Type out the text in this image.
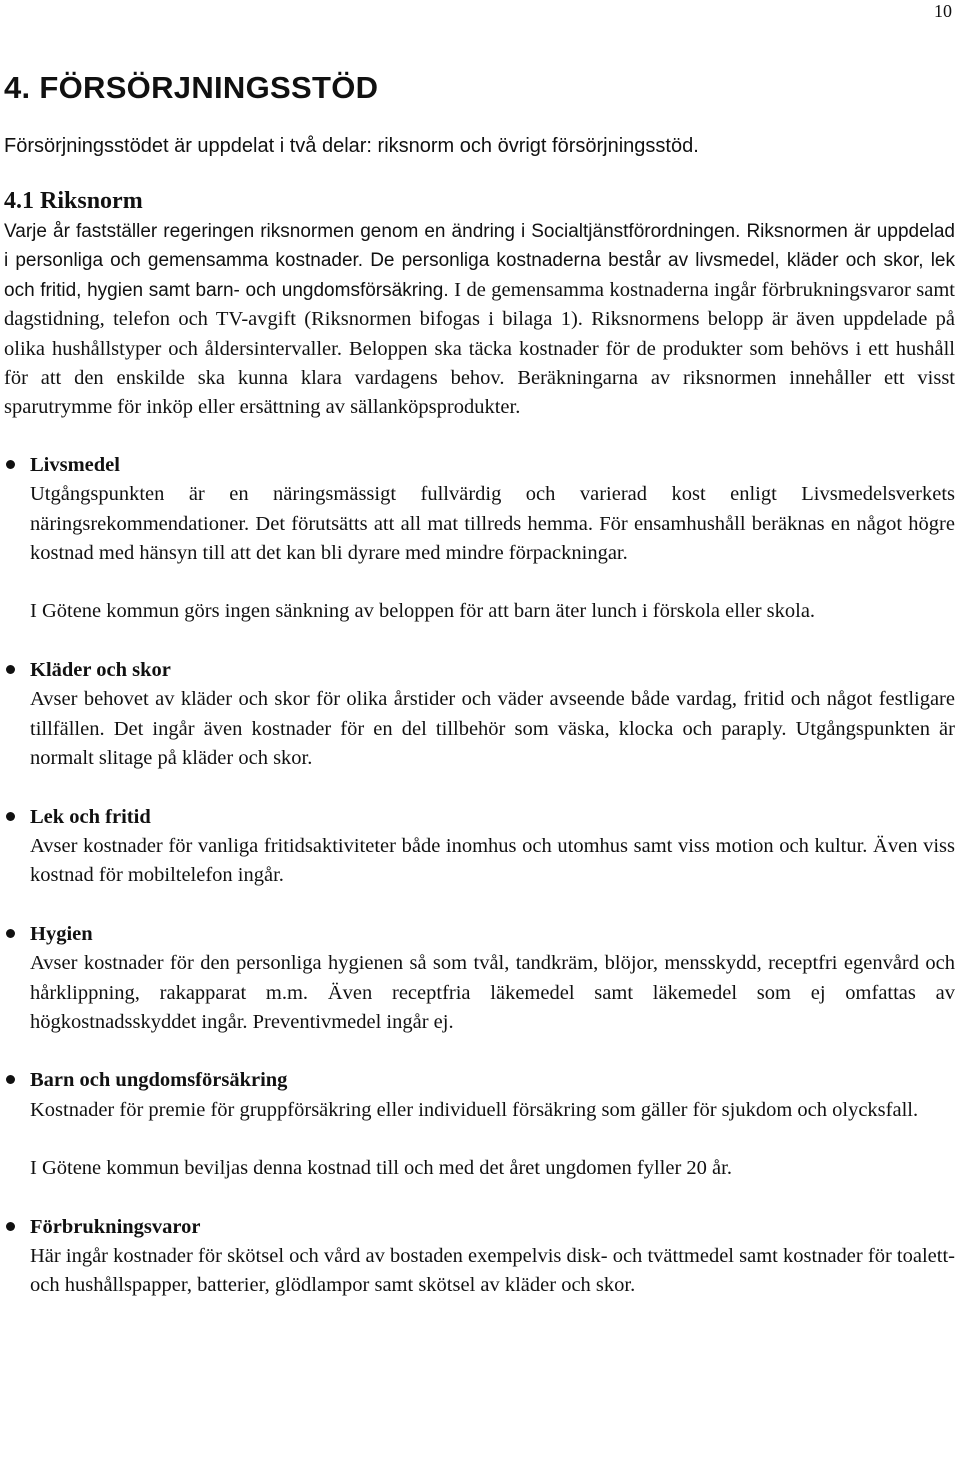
10
4. FÖRSÖRJNINGSSTÖD

Försörjningsstödet är uppdelat i två delar: riksnorm och övrigt försörjningsstöd.

4.1 Riksnorm

Varje år fastställer regeringen riksnormen genom en ändring i Socialtjänstförordningen. Riksnormen är uppdelad i personliga och gemensamma kostnader. De personliga kostnaderna består av livsmedel, kläder och skor, lek och fritid, hygien samt barn- och ungdomsförsäkring. I de gemensamma kostnaderna ingår förbrukningsvaror samt dagstidning, telefon och TV-avgift (Riksnormen bifogas i bilaga 1). Riksnormens belopp är även uppdelade på olika hushållstyper och åldersintervaller. Beloppen ska täcka kostnader för de produkter som behövs i ett hushåll för att den enskilde ska kunna klara vardagens behov. Beräkningarna av riksnormen innehåller ett visst sparutrymme för inköp eller ersättning av sällanköpsprodukter.

Livsmedel

Utgångspunkten är en näringsmässigt fullvärdig och varierad kost enligt Livsmedelsverkets näringsrekommendationer. Det förutsätts att all mat tillreds hemma. För ensamhushåll beräknas en något högre kostnad med hänsyn till att det kan bli dyrare med mindre förpackningar.

I Götene kommun görs ingen sänkning av beloppen för att barn äter lunch i förskola eller skola.

Kläder och skor

Avser behovet av kläder och skor för olika årstider och väder avseende både vardag, fritid och något festligare tillfällen. Det ingår även kostnader för en del tillbehör som väska, klocka och paraply. Utgångspunkten är normalt slitage på kläder och skor.

Lek och fritid

Avser kostnader för vanliga fritidsaktiviteter både inomhus och utomhus samt viss motion och kultur. Även viss kostnad för mobiltelefon ingår.

Hygien

Avser kostnader för den personliga hygienen så som tvål, tandkräm, blöjor, mensskydd, receptfri egenvård och hårklippning, rakapparat m.m. Även receptfria läkemedel samt läkemedel som ej omfattas av högkostnadsskyddet ingår. Preventivmedel ingår ej.

Barn och ungdomsförsäkring

Kostnader för premie för gruppförsäkring eller individuell försäkring som gäller för sjukdom och olycksfall.

I Götene kommun beviljas denna kostnad till och med det året ungdomen fyller 20 år.

Förbrukningsvaror

Här ingår kostnader för skötsel och vård av bostaden exempelvis disk- och tvättmedel samt kostnader för toalett- och hushållspapper, batterier, glödlampor samt skötsel av kläder och skor.
